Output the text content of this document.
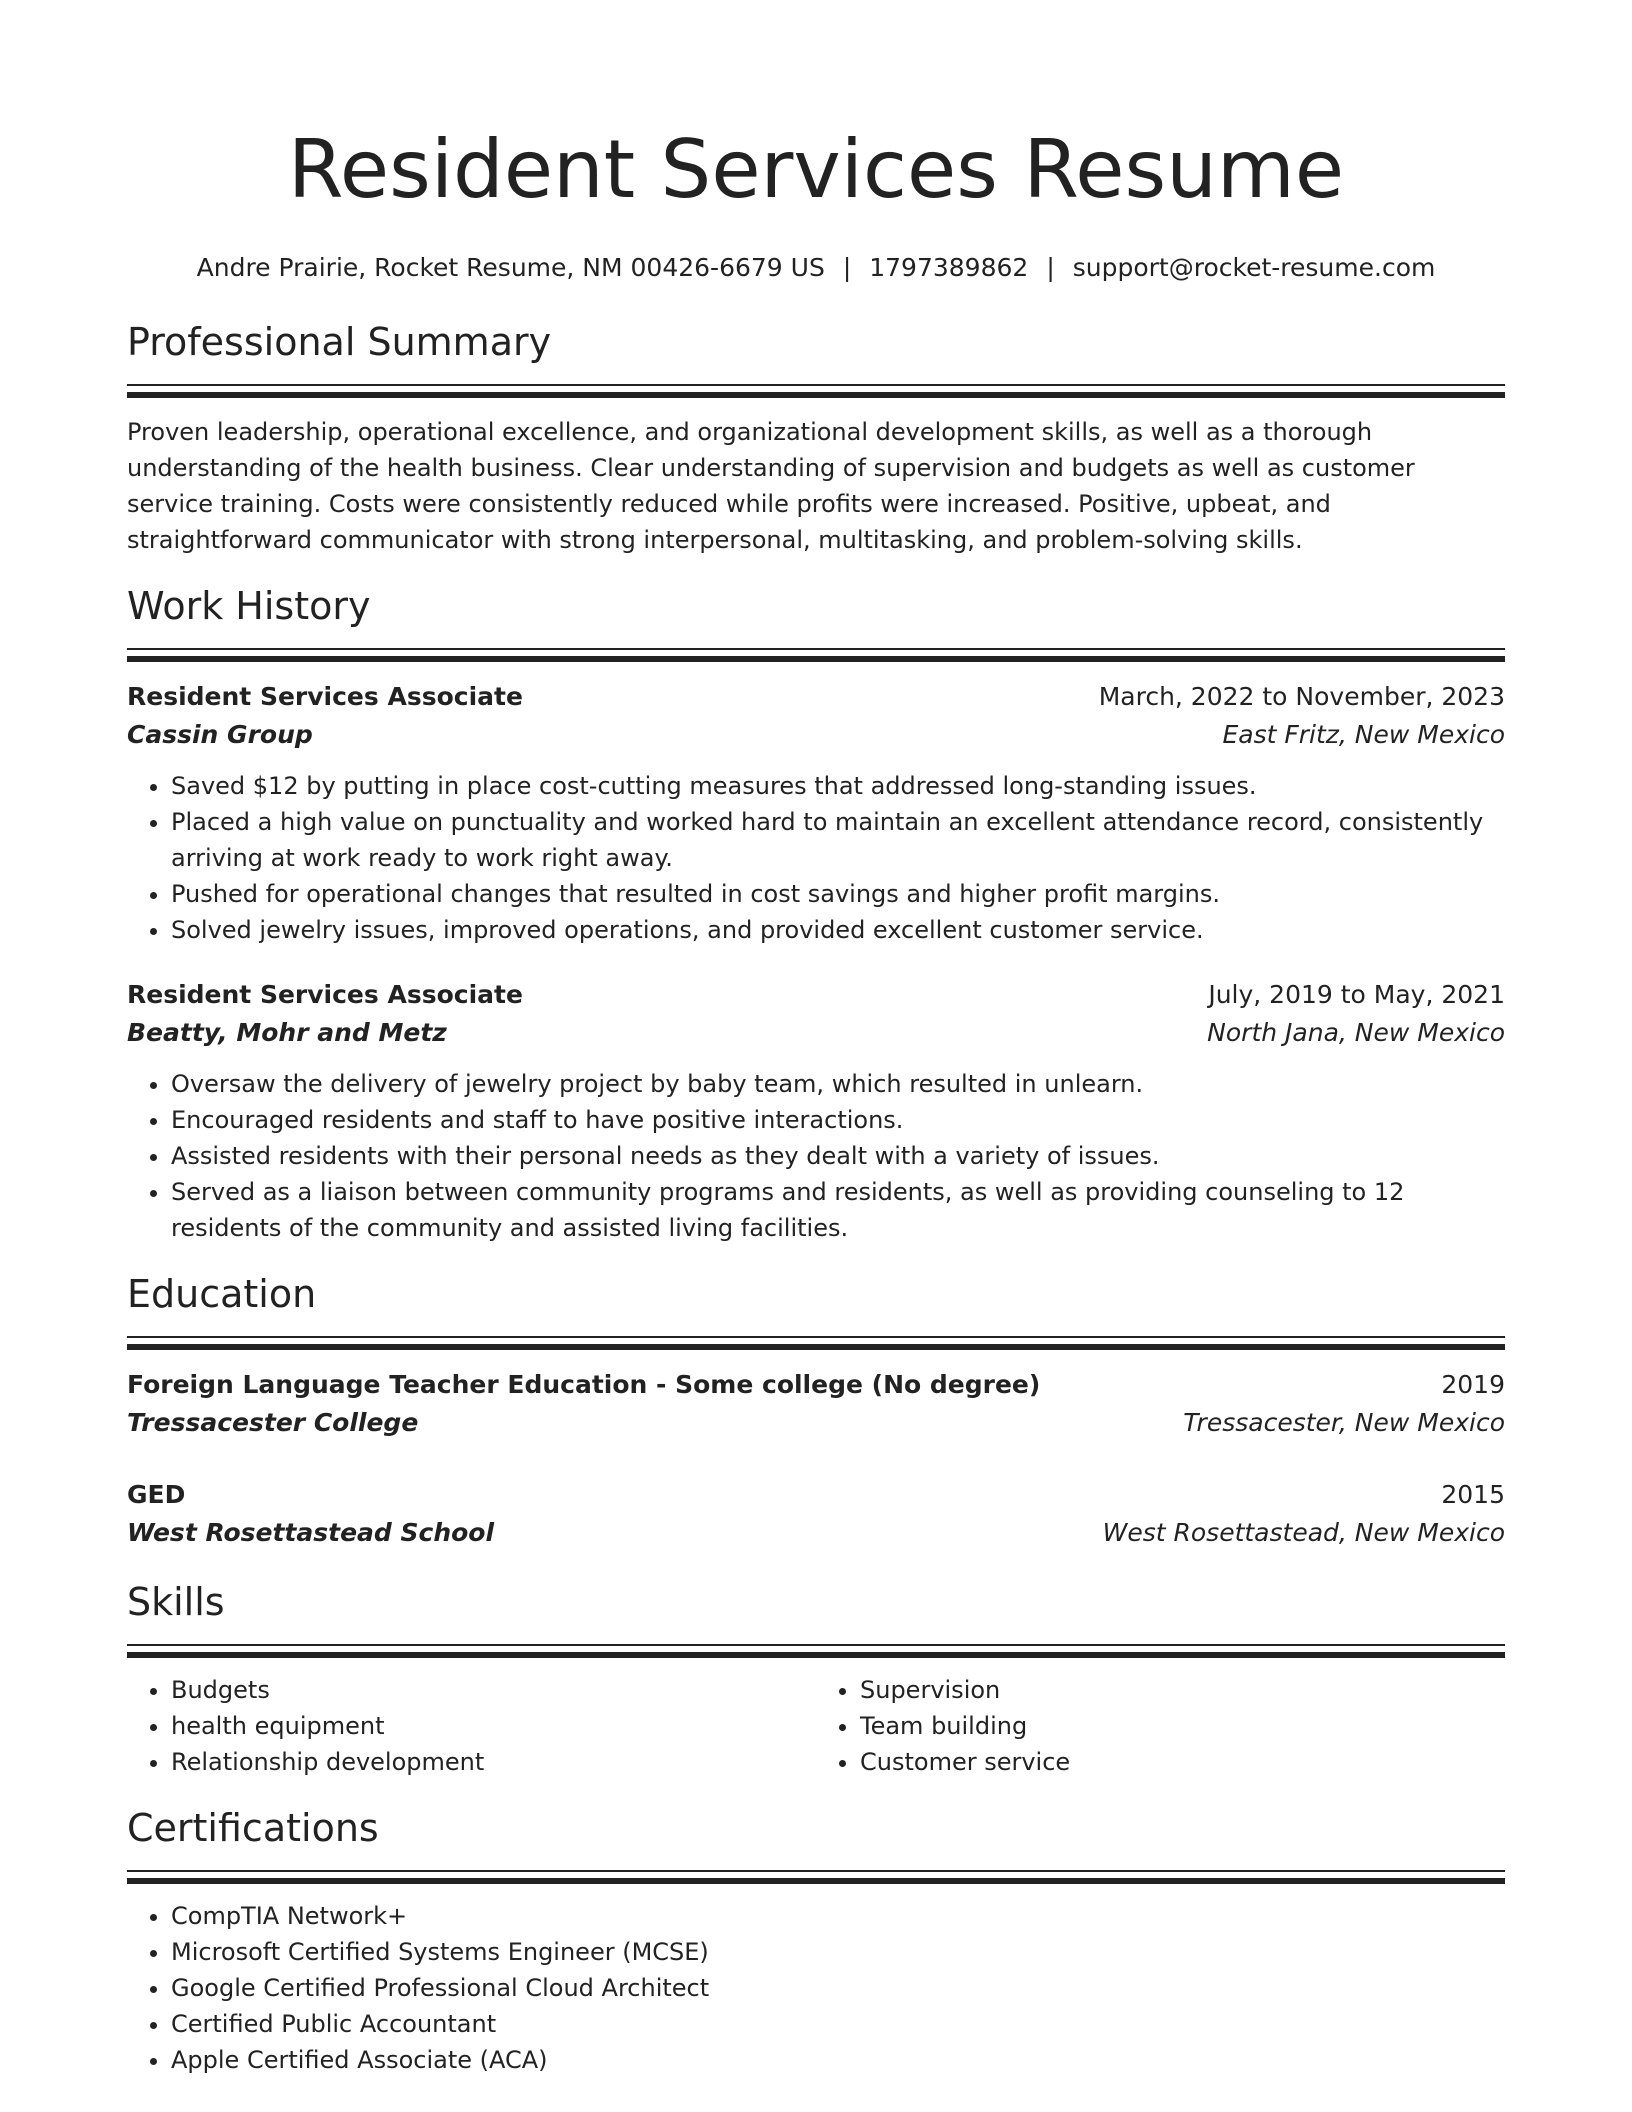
Resident Services Resume
Andre Prairie, Rocket Resume, NM 00426-6679 US | 1797389862 | support@rocket-resume.com
Professional Summary
Proven leadership, operational excellence, and organizational development skills, as well as a thorough understanding of the health business. Clear understanding of supervision and budgets as well as customer service training. Costs were consistently reduced while profits were increased. Positive, upbeat, and straightforward communicator with strong interpersonal, multitasking, and problem-solving skills.
Work History
Resident Services Associate	March, 2022 to November, 2023
Cassin Group	East Fritz, New Mexico
• Saved $12 by putting in place cost-cutting measures that addressed long-standing issues.
• Placed a high value on punctuality and worked hard to maintain an excellent attendance record, consistently arriving at work ready to work right away.
• Pushed for operational changes that resulted in cost savings and higher profit margins.
• Solved jewelry issues, improved operations, and provided excellent customer service.
Resident Services Associate	July, 2019 to May, 2021
Beatty, Mohr and Metz	North Jana, New Mexico
• Oversaw the delivery of jewelry project by baby team, which resulted in unlearn.
• Encouraged residents and staff to have positive interactions.
• Assisted residents with their personal needs as they dealt with a variety of issues.
• Served as a liaison between community programs and residents, as well as providing counseling to 12 residents of the community and assisted living facilities.
Education
Foreign Language Teacher Education - Some college (No degree)	2019
Tressacester College	Tressacester, New Mexico
GED	2015
West Rosettastead School	West Rosettastead, New Mexico
Skills
• Budgets
• health equipment
• Relationship development
• Supervision
• Team building
• Customer service
Certifications
• CompTIA Network+
• Microsoft Certified Systems Engineer (MCSE)
• Google Certified Professional Cloud Architect
• Certified Public Accountant
• Apple Certified Associate (ACA)
